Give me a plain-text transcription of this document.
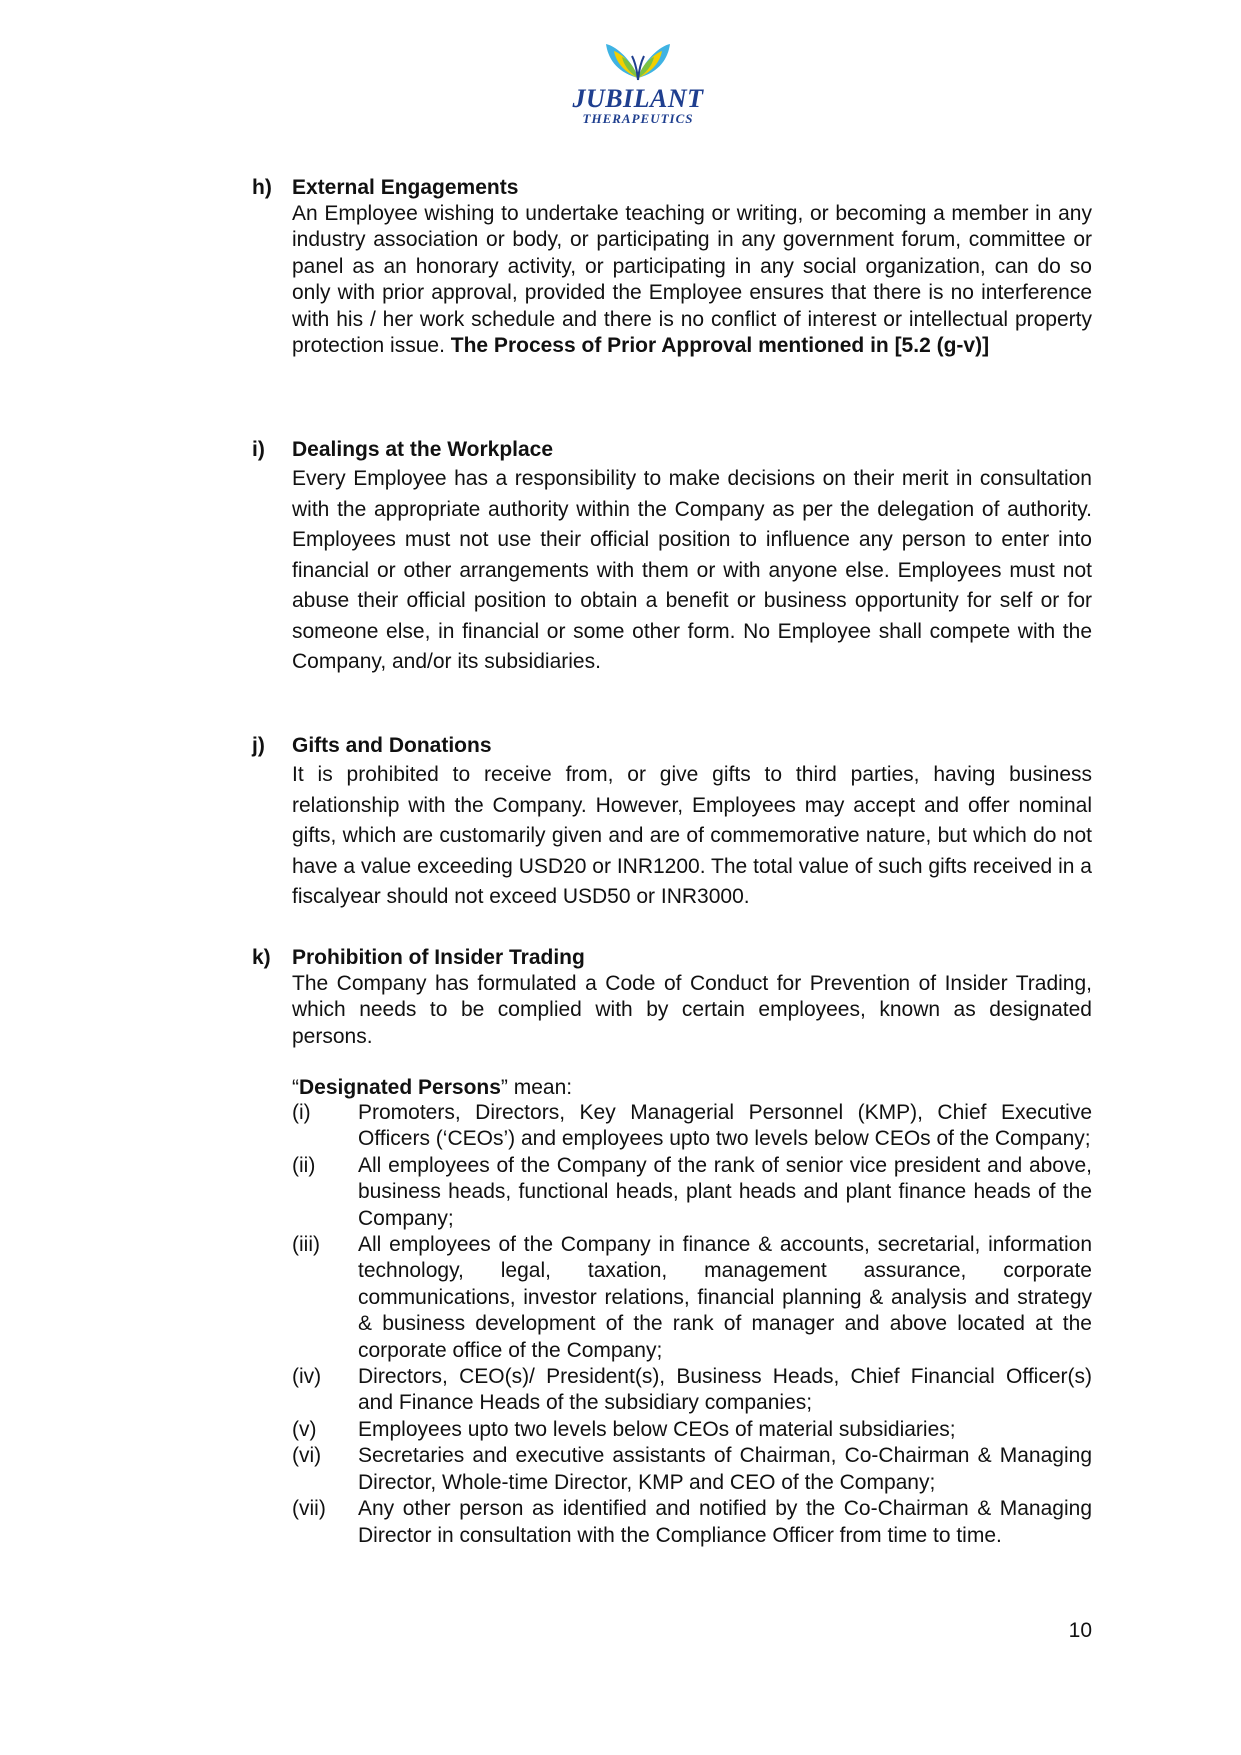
JUBILANT
THERAPEUTICS
h) External Engagements
An Employee wishing to undertake teaching or writing, or becoming a member in any industry association or body, or participating in any government forum, committee or panel as an honorary activity, or participating in any social organization, can do so only with prior approval, provided the Employee ensures that there is no interference with his / her work schedule and there is no conflict of interest or intellectual property protection issue. The Process of Prior Approval mentioned in [5.2 (g-v)]
i) Dealings at the Workplace
Every Employee has a responsibility to make decisions on their merit in consultation with the appropriate authority within the Company as per the delegation of authority. Employees must not use their official position to influence any person to enter into financial or other arrangements with them or with anyone else. Employees must not abuse their official position to obtain a benefit or business opportunity for self or for someone else, in financial or some other form. No Employee shall compete with the Company, and/or its subsidiaries.
j) Gifts and Donations
It is prohibited to receive from, or give gifts to third parties, having business relationship with the Company. However, Employees may accept and offer nominal gifts, which are customarily given and are of commemorative nature, but which do not have a value exceeding USD20 or INR1200. The total value of such gifts received in a fiscalyear should not exceed USD50 or INR3000.
k) Prohibition of Insider Trading
The Company has formulated a Code of Conduct for Prevention of Insider Trading, which needs to be complied with by certain employees, known as designated persons.
“Designated Persons” mean:
(i)	Promoters, Directors, Key Managerial Personnel (KMP), Chief Executive Officers (‘CEOs’) and employees upto two levels below CEOs of the Company;
(ii)	All employees of the Company of the rank of senior vice president and above, business heads, functional heads, plant heads and plant finance heads of the Company;
(iii)	All employees of the Company in finance & accounts, secretarial, information technology, legal, taxation, management assurance, corporate communications, investor relations, financial planning & analysis and strategy & business development of the rank of manager and above located at the corporate office of the Company;
(iv)	Directors, CEO(s)/ President(s), Business Heads, Chief Financial Officer(s) and Finance Heads of the subsidiary companies;
(v)	Employees upto two levels below CEOs of material subsidiaries;
(vi)	Secretaries and executive assistants of Chairman, Co-Chairman & Managing Director, Whole-time Director, KMP and CEO of the Company;
(vii)	Any other person as identified and notified by the Co-Chairman & Managing Director in consultation with the Compliance Officer from time to time.
10
